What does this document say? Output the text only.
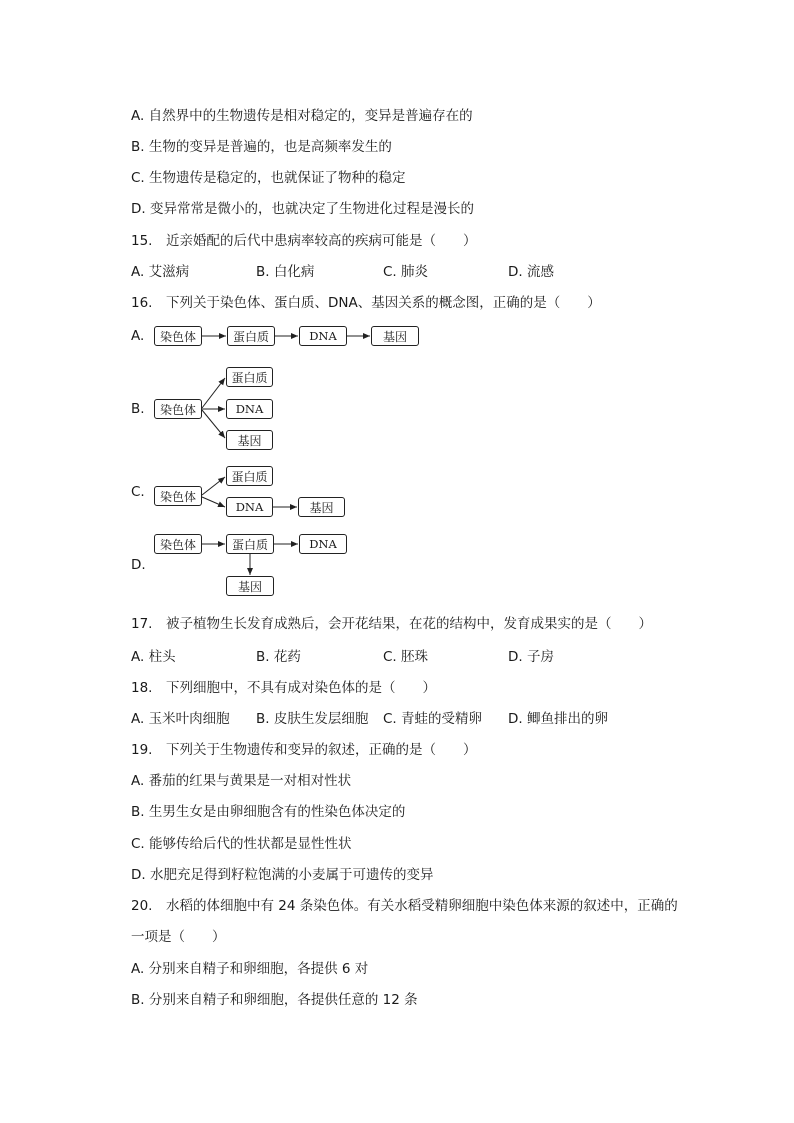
A. 自然界中的生物遗传是相对稳定的，变异是普遍存在的
B. 生物的变异是普遍的，也是高频率发生的
C. 生物遗传是稳定的，也就保证了物种的稳定
D. 变异常常是微小的，也就决定了生物进化过程是漫长的
15.　近亲婚配的后代中患病率较高的疾病可能是（　　）
A. 艾滋病	B. 白化病	C. 肺炎	D. 流感
16.　下列关于染色体、蛋白质、DNA、基因关系的概念图，正确的是（　　）
A.
B.
C.
D.
染色体	蛋白质	DNA	基因
染色体
蛋白质
DNA
基因
染色体
蛋白质
DNA	基因
染色体	蛋白质	DNA
基因
17.　被子植物生长发育成熟后，会开花结果，在花的结构中，发育成果实的是（　　）
A. 柱头	B. 花药	C. 胚珠	D. 子房
18.　下列细胞中，不具有成对染色体的是（　　）
A. 玉米叶肉细胞 B. 皮肤生发层细胞 C. 青蛙的受精卵 D. 鲫鱼排出的卵
19.　下列关于生物遗传和变异的叙述，正确的是（　　）
A. 番茄的红果与黄果是一对相对性状
B. 生男生女是由卵细胞含有的性染色体决定的
C. 能够传给后代的性状都是显性性状
D. 水肥充足得到籽粒饱满的小麦属于可遗传的变异
20.　水稻的体细胞中有 24 条染色体。有关水稻受精卵细胞中染色体来源的叙述中，正确的
一项是（　　）
A. 分别来自精子和卵细胞，各提供 6 对
B. 分别来自精子和卵细胞，各提供任意的 12 条
